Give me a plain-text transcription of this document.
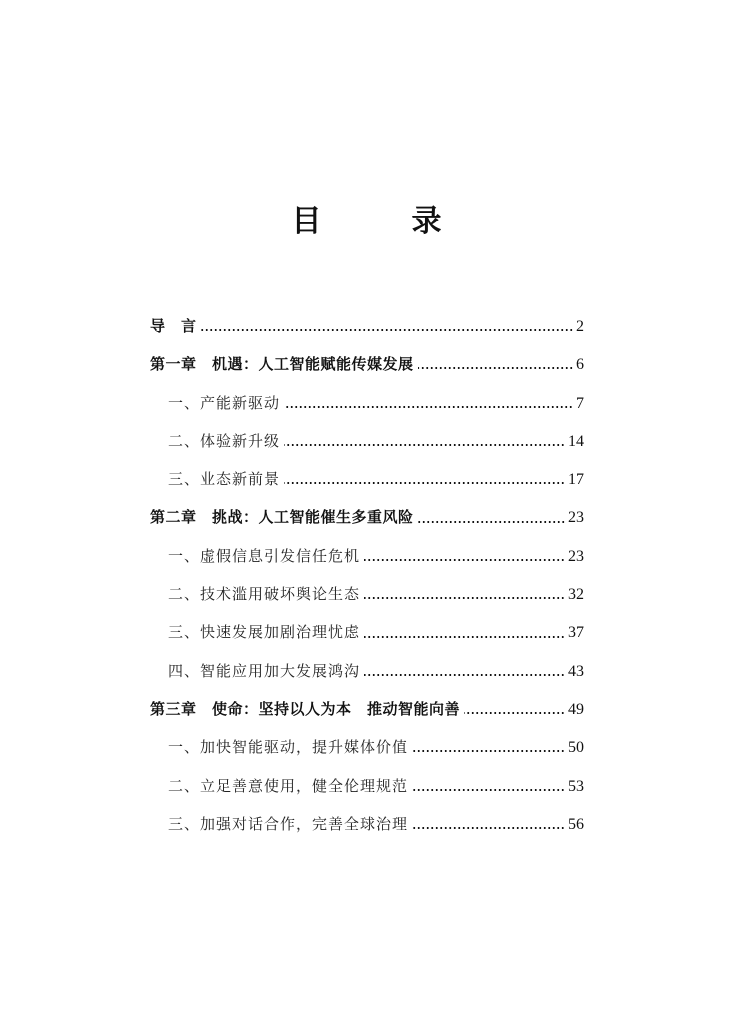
目　录
导　言	2
第一章　机遇：人工智能赋能传媒发展	6
一、产能新驱动	7
二、体验新升级	14
三、业态新前景	17
第二章　挑战：人工智能催生多重风险	23
一、虚假信息引发信任危机	23
二、技术滥用破坏舆论生态	32
三、快速发展加剧治理忧虑	37
四、智能应用加大发展鸿沟	43
第三章　使命：坚持以人为本　推动智能向善	49
一、加快智能驱动，提升媒体价值	50
二、立足善意使用，健全伦理规范	53
三、加强对话合作，完善全球治理	56
